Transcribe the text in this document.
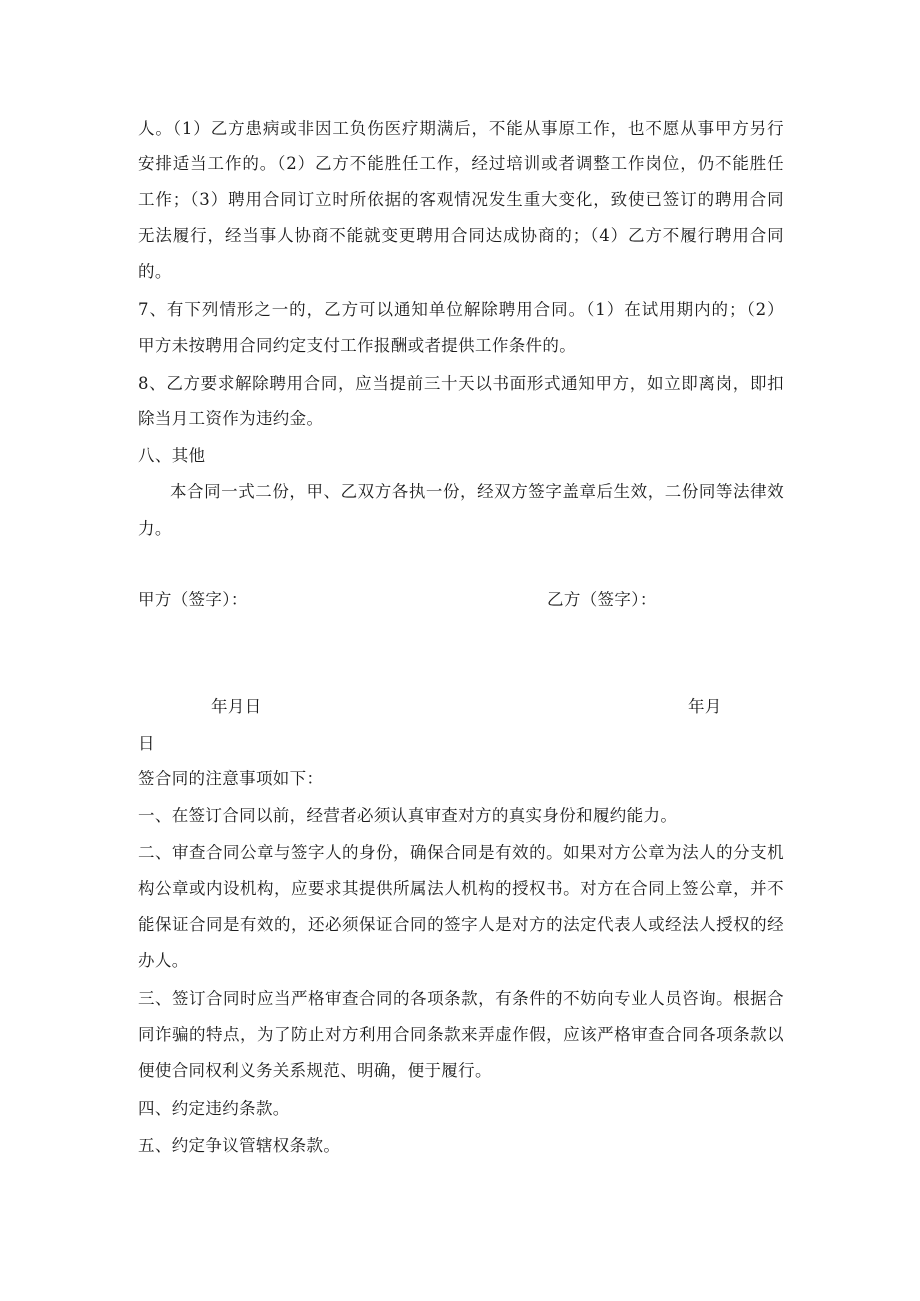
人。（1）乙方患病或非因工负伤医疗期满后，不能从事原工作，也不愿从事甲方另行
安排适当工作的。（2）乙方不能胜任工作，经过培训或者调整工作岗位，仍不能胜任
工作；（3）聘用合同订立时所依据的客观情况发生重大变化，致使已签订的聘用合同
无法履行，经当事人协商不能就变更聘用合同达成协商的；（4）乙方不履行聘用合同
的。
7、有下列情形之一的，乙方可以通知单位解除聘用合同。（1）在试用期内的；（2）
甲方未按聘用合同约定支付工作报酬或者提供工作条件的。
8、乙方要求解除聘用合同，应当提前三十天以书面形式通知甲方，如立即离岗，即扣
除当月工资作为违约金。
八、其他
本合同一式二份，甲、乙双方各执一份，经双方签字盖章后生效，二份同等法律效
力。
甲方（签字）：	乙方（签字）：
年月日	年月
日
签合同的注意事项如下：
一、在签订合同以前，经营者必须认真审查对方的真实身份和履约能力。
二、审查合同公章与签字人的身份，确保合同是有效的。如果对方公章为法人的分支机
构公章或内设机构，应要求其提供所属法人机构的授权书。对方在合同上签公章，并不
能保证合同是有效的，还必须保证合同的签字人是对方的法定代表人或经法人授权的经
办人。
三、签订合同时应当严格审查合同的各项条款，有条件的不妨向专业人员咨询。根据合
同诈骗的特点，为了防止对方利用合同条款来弄虚作假，应该严格审查合同各项条款以
便使合同权利义务关系规范、明确，便于履行。
四、约定违约条款。
五、约定争议管辖权条款。
